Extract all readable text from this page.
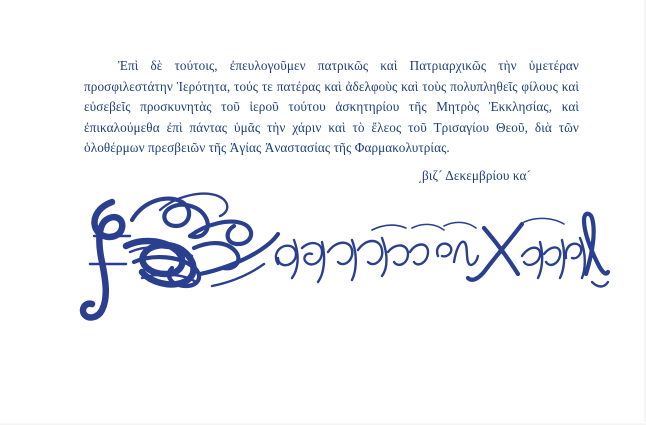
Ἐπὶ δὲ τούτοις, ἐπευλογοῦμεν πατρικῶς καὶ Πατριαρχικῶς τὴν ὑμετέραν προσφιλεστάτην Ἱερότητα, τούς τε πατέρας καὶ ἀδελφοὺς καὶ τοὺς πολυπληθεῖς φίλους καὶ εὐσεβεῖς προσκυνητὰς τοῦ ἱεροῦ τούτου ἀσκητηρίου τῆς Μητρὸς Ἐκκλησίας, καὶ ἐπικαλούμεθα ἐπὶ πάντας ὑμᾶς τὴν χάριν καὶ τὸ ἔλεος τοῦ Τρισαγίου Θεοῦ, διὰ τῶν ὁλοθέρμων πρεσβειῶν τῆς Ἁγίας Ἀναστασίας τῆς Φαρμακολυτρίας.
͵βιζ´ Δεκεμβρίου κα´
